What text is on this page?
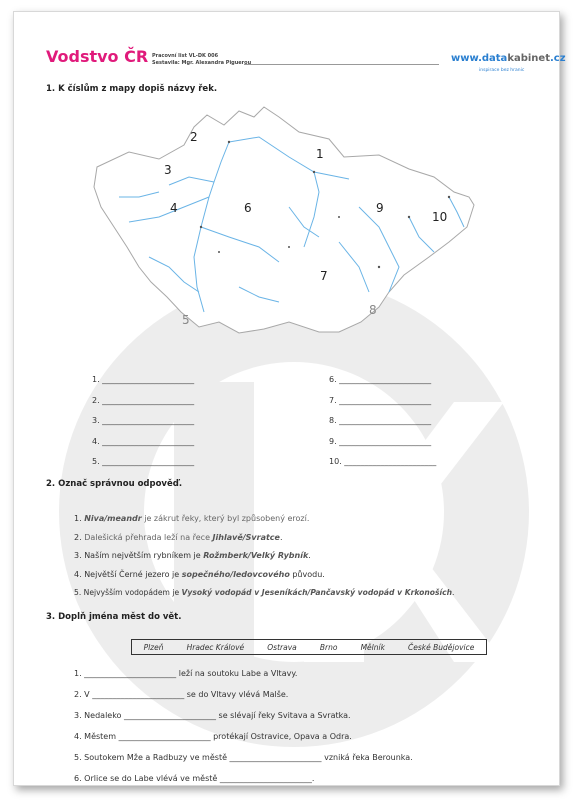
Vodstvo ČR Pracovní list VL-DK 006
Sestavila: Mgr. Alexandra Piguerou	www.datakabinet.cz
inspirace bez hranic
1. K číslům z mapy dopiš názvy řek.
1
2
3
4
5
6
7
8
9
10
1. _______________________
2. _______________________
3. _______________________
4. _______________________
5. _______________________
6. _______________________
7. _______________________
8. _______________________
9. _______________________
10. _______________________
2. Označ správnou odpověď.
1. Niva/meandr je zákrut řeky, který byl způsobený erozí.
2. Dalešická přehrada leží na řece Jihlavě/Svratce.
3. Naším největším rybníkem je Rožmberk/Velký Rybník.
4. Největší Černé jezero je sopečného/ledovcového původu.
5. Nejvyšším vodopádem je Vysoký vodopád v Jeseníkách/Pančavský vodopád v Krkonoších.
3. Doplň jména měst do vět.
Plzeň	Hradec Králové	Ostrava	Brno	Mělník	České Budějovice
1. _______________________ leží na soutoku Labe a Vltavy.
2. V _______________________ se do Vltavy vlévá Malše.
3. Nedaleko _______________________ se slévají řeky Svitava a Svratka.
4. Městem _______________________ protékají Ostravice, Opava a Odra.
5. Soutokem Mže a Radbuzy ve městě _______________________ vzniká řeka Berounka.
6. Orlice se do Labe vlévá ve městě _______________________.
